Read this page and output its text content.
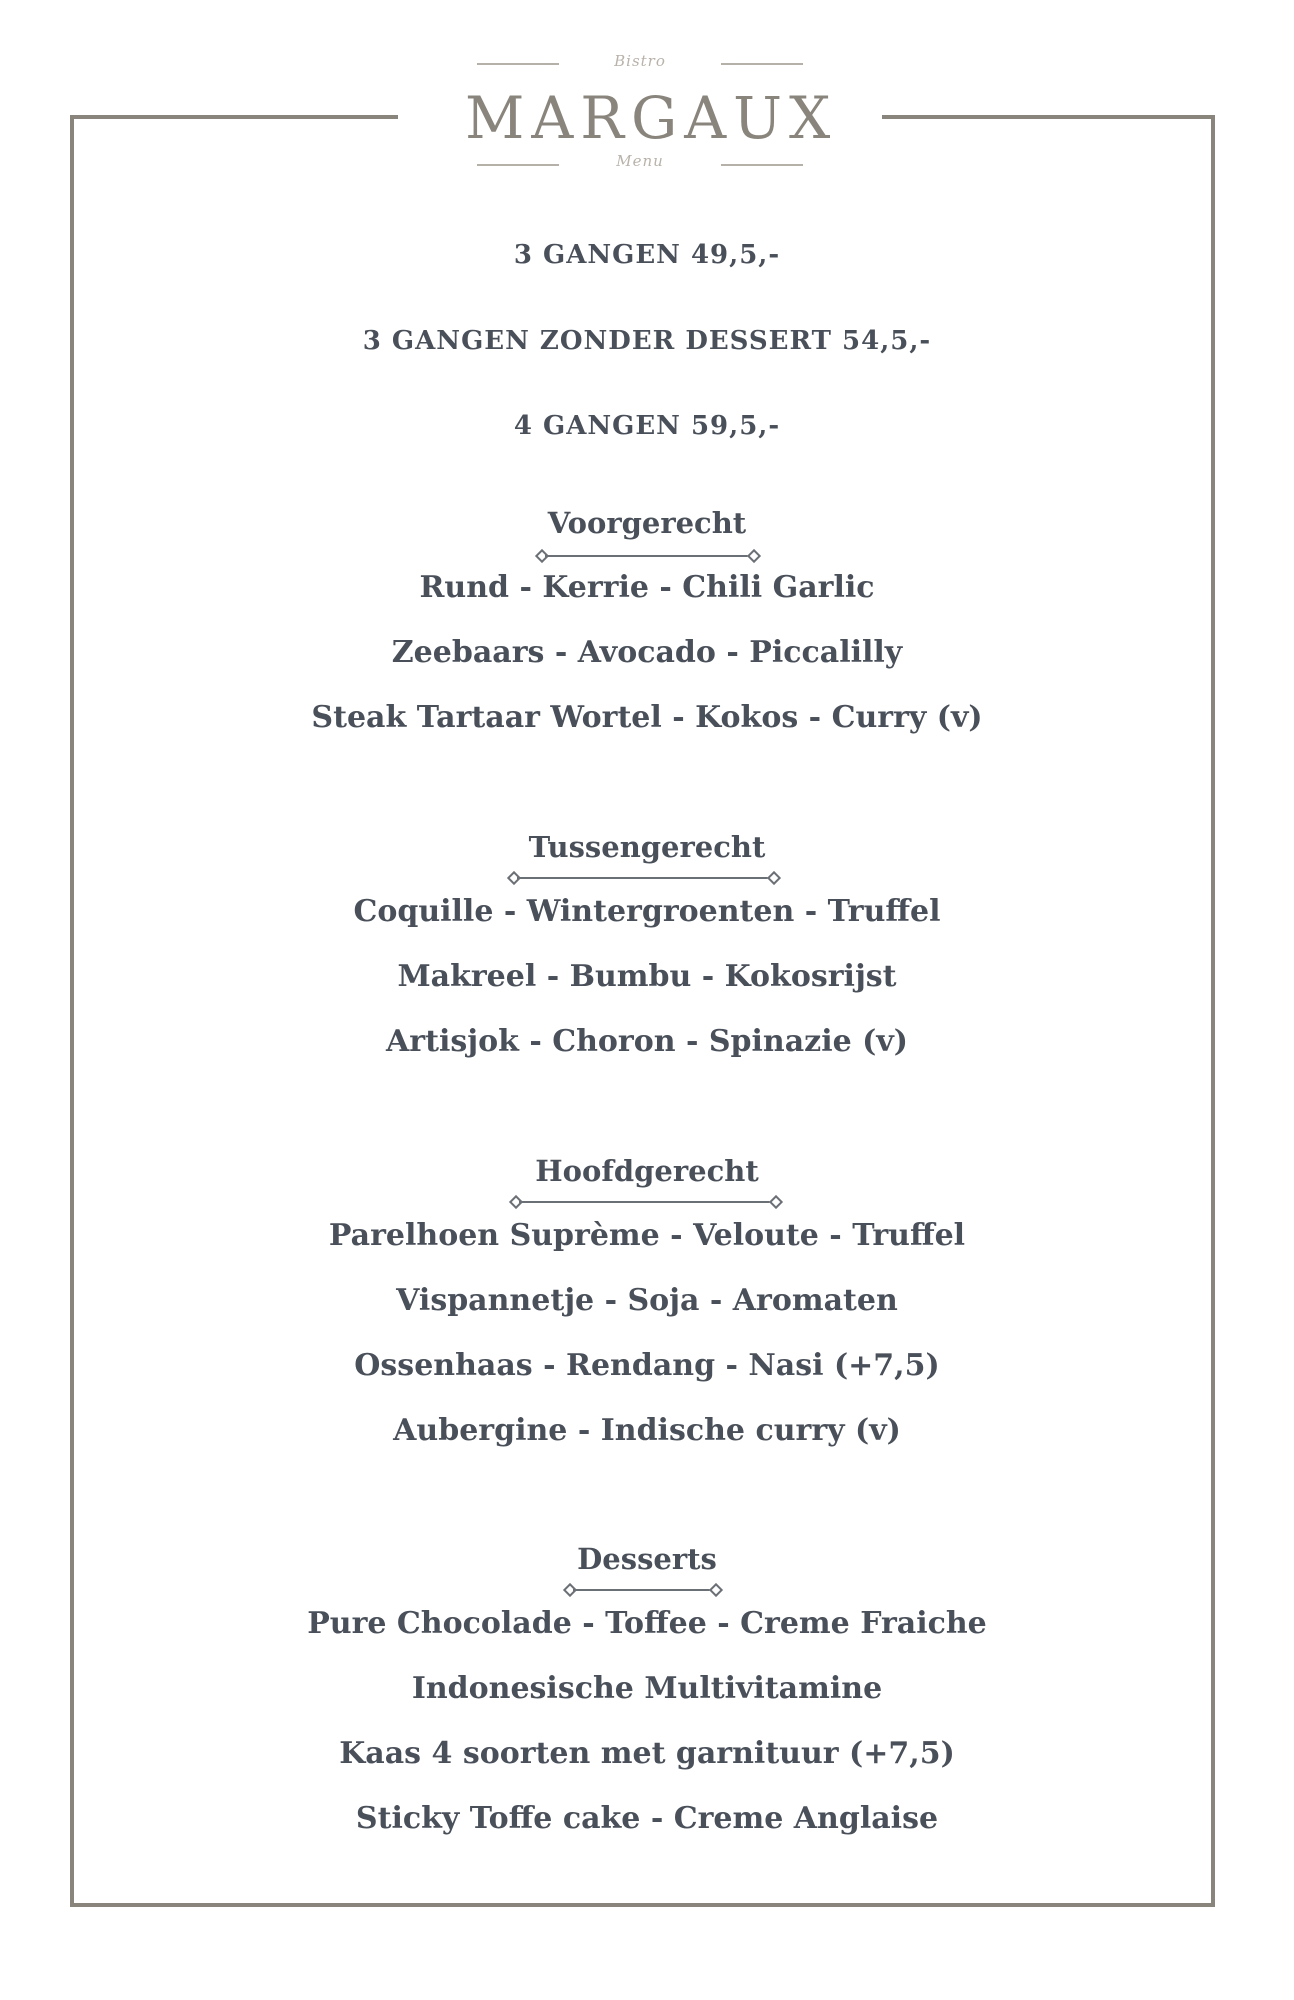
Bistro
MARGAUX
Menu
3 GANGEN 49,5,-
3 GANGEN ZONDER DESSERT 54,5,-
4 GANGEN 59,5,-
Voorgerecht
Rund - Kerrie - Chili Garlic
Zeebaars - Avocado - Piccalilly
Steak Tartaar Wortel - Kokos - Curry (v)
Tussengerecht
Coquille - Wintergroenten - Truffel
Makreel - Bumbu - Kokosrijst
Artisjok - Choron - Spinazie (v)
Hoofdgerecht
Parelhoen Suprème - Veloute - Truffel
Vispannetje - Soja - Aromaten
Ossenhaas - Rendang - Nasi (+7,5)
Aubergine - Indische curry (v)
Desserts
Pure Chocolade - Toffee - Creme Fraiche
Indonesische Multivitamine
Kaas 4 soorten met garnituur (+7,5)
Sticky Toffe cake - Creme Anglaise
